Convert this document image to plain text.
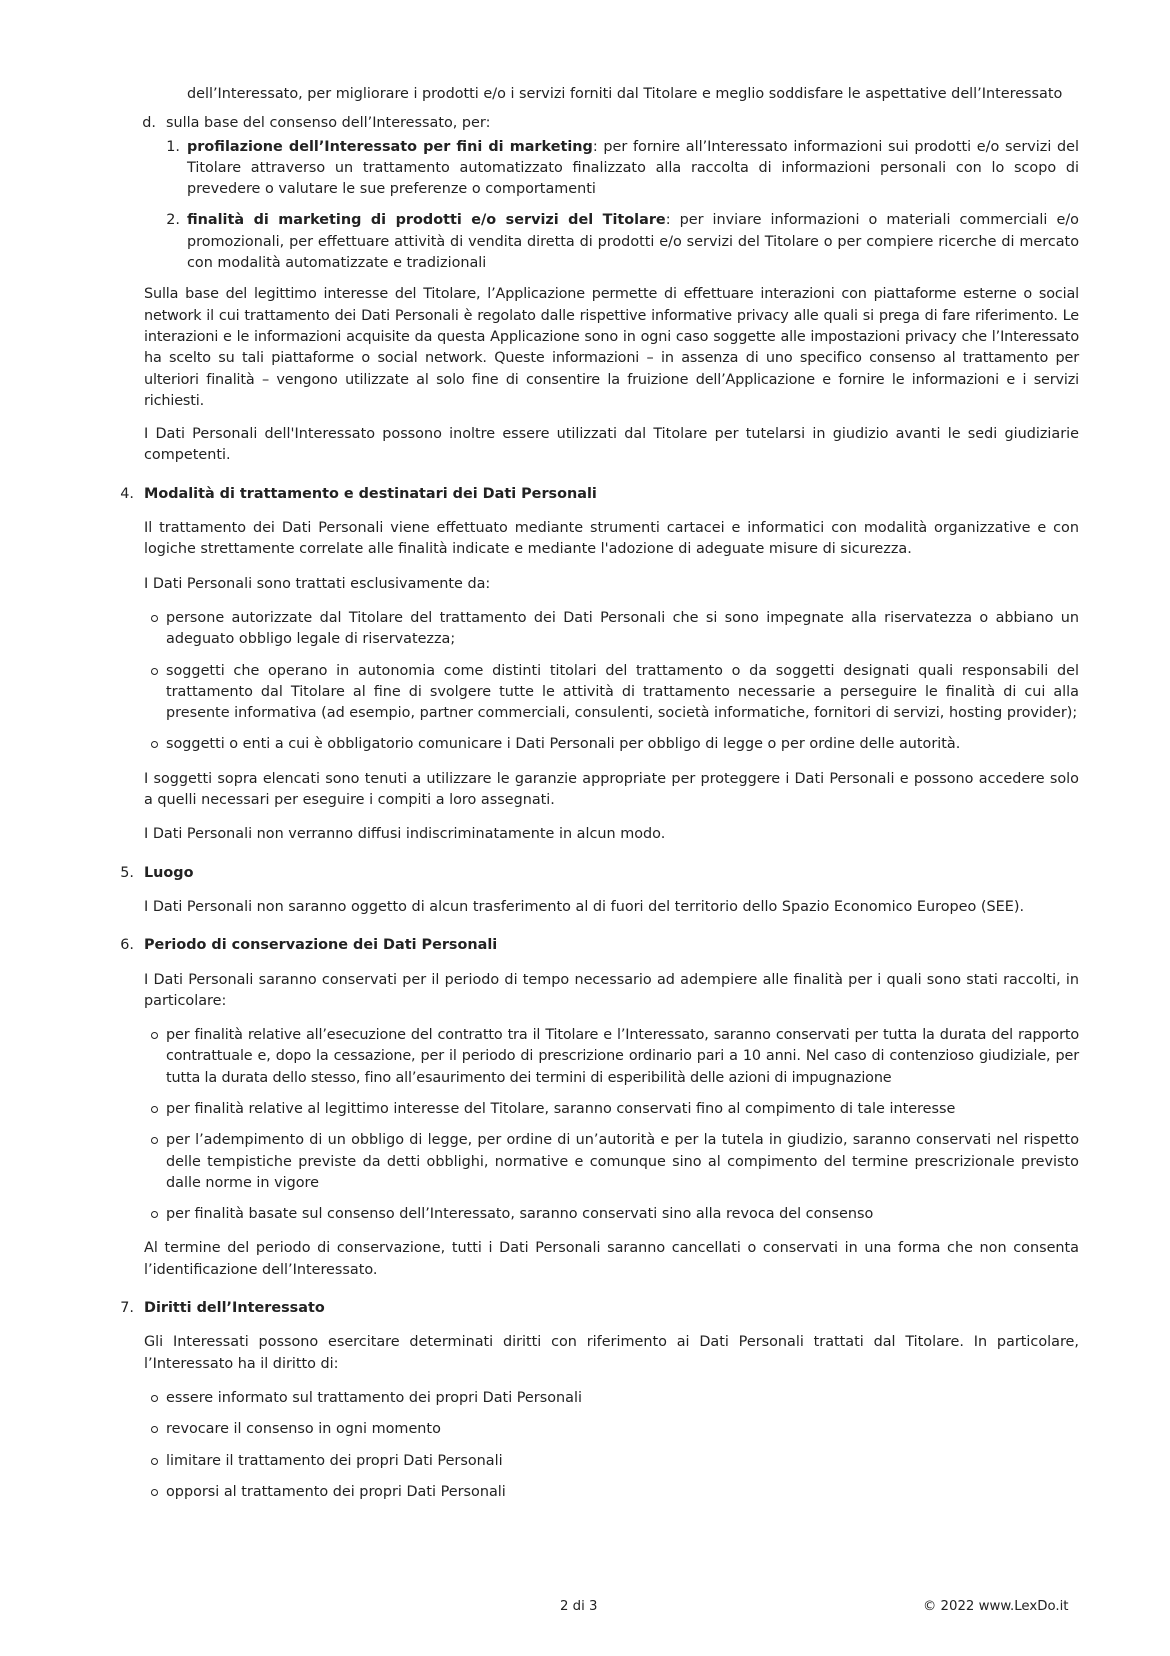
dell’Interessato, per migliorare i prodotti e/o i servizi forniti dal Titolare e meglio soddisfare le aspettative dell’Interessato

d. sulla base del consenso dell’Interessato, per:

1. profilazione dell’Interessato per fini di marketing: per fornire all’Interessato informazioni sui prodotti e/o servizi del Titolare attraverso un trattamento automatizzato finalizzato alla raccolta di informazioni personali con lo scopo di prevedere o valutare le sue preferenze o comportamenti

2. finalità di marketing di prodotti e/o servizi del Titolare: per inviare informazioni o materiali commerciali e/o promozionali, per effettuare attività di vendita diretta di prodotti e/o servizi del Titolare o per compiere ricerche di mercato con modalità automatizzate e tradizionali

Sulla base del legittimo interesse del Titolare, l’Applicazione permette di effettuare interazioni con piattaforme esterne o social network il cui trattamento dei Dati Personali è regolato dalle rispettive informative privacy alle quali si prega di fare riferimento. Le interazioni e le informazioni acquisite da questa Applicazione sono in ogni caso soggette alle impostazioni privacy che l’Interessato ha scelto su tali piattaforme o social network. Queste informazioni – in assenza di uno specifico consenso al trattamento per ulteriori finalità – vengono utilizzate al solo fine di consentire la fruizione dell’Applicazione e fornire le informazioni e i servizi richiesti.

I Dati Personali dell'Interessato possono inoltre essere utilizzati dal Titolare per tutelarsi in giudizio avanti le sedi giudiziarie competenti.

4. Modalità di trattamento e destinatari dei Dati Personali

Il trattamento dei Dati Personali viene effettuato mediante strumenti cartacei e informatici con modalità organizzative e con logiche strettamente correlate alle finalità indicate e mediante l'adozione di adeguate misure di sicurezza.

I Dati Personali sono trattati esclusivamente da:

persone autorizzate dal Titolare del trattamento dei Dati Personali che si sono impegnate alla riservatezza o abbiano un adeguato obbligo legale di riservatezza;

soggetti che operano in autonomia come distinti titolari del trattamento o da soggetti designati quali responsabili del trattamento dal Titolare al fine di svolgere tutte le attività di trattamento necessarie a perseguire le finalità di cui alla presente informativa (ad esempio, partner commerciali, consulenti, società informatiche, fornitori di servizi, hosting provider);

soggetti o enti a cui è obbligatorio comunicare i Dati Personali per obbligo di legge o per ordine delle autorità.

I soggetti sopra elencati sono tenuti a utilizzare le garanzie appropriate per proteggere i Dati Personali e possono accedere solo a quelli necessari per eseguire i compiti a loro assegnati.

I Dati Personali non verranno diffusi indiscriminatamente in alcun modo.

5. Luogo

I Dati Personali non saranno oggetto di alcun trasferimento al di fuori del territorio dello Spazio Economico Europeo (SEE).

6. Periodo di conservazione dei Dati Personali

I Dati Personali saranno conservati per il periodo di tempo necessario ad adempiere alle finalità per i quali sono stati raccolti, in particolare:

per finalità relative all’esecuzione del contratto tra il Titolare e l’Interessato, saranno conservati per tutta la durata del rapporto contrattuale e, dopo la cessazione, per il periodo di prescrizione ordinario pari a 10 anni. Nel caso di contenzioso giudiziale, per tutta la durata dello stesso, fino all’esaurimento dei termini di esperibilità delle azioni di impugnazione

per finalità relative al legittimo interesse del Titolare, saranno conservati fino al compimento di tale interesse

per l’adempimento di un obbligo di legge, per ordine di un’autorità e per la tutela in giudizio, saranno conservati nel rispetto delle tempistiche previste da detti obblighi, normative e comunque sino al compimento del termine prescrizionale previsto dalle norme in vigore

per finalità basate sul consenso dell’Interessato, saranno conservati sino alla revoca del consenso

Al termine del periodo di conservazione, tutti i Dati Personali saranno cancellati o conservati in una forma che non consenta l’identificazione dell’Interessato.

7. Diritti dell’Interessato

Gli Interessati possono esercitare determinati diritti con riferimento ai Dati Personali trattati dal Titolare. In particolare, l’Interessato ha il diritto di:

essere informato sul trattamento dei propri Dati Personali

revocare il consenso in ogni momento

limitare il trattamento dei propri Dati Personali

opporsi al trattamento dei propri Dati Personali

2 di 3	© 2022 www.LexDo.it
